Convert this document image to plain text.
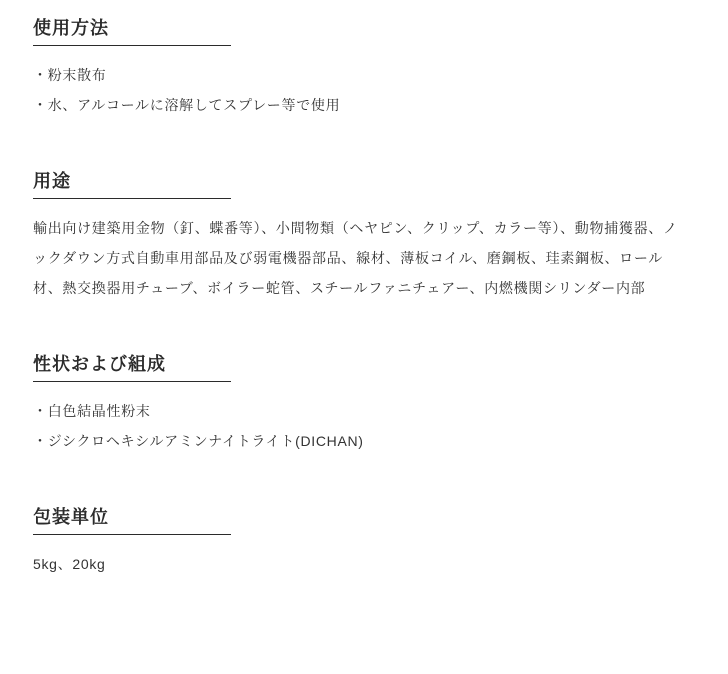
使用方法
・粉末散布
・水、アルコールに溶解してスプレー等で使用
用途

輸出向け建築用金物（釘、蝶番等）、小間物類（ヘヤピン、クリップ、カラー等）、動物捕獲器、ノックダウン方式自動車用部品及び弱電機器部品、線材、薄板コイル、磨鋼板、珪素鋼板、ロール材、熱交換器用チューブ、ボイラー蛇管、スチールファニチェアー、内燃機関シリンダー内部

性状および組成
・白色結晶性粉末
・ジシクロヘキシルアミンナイトライト(DICHAN)
包装単位

5kg、20kg
